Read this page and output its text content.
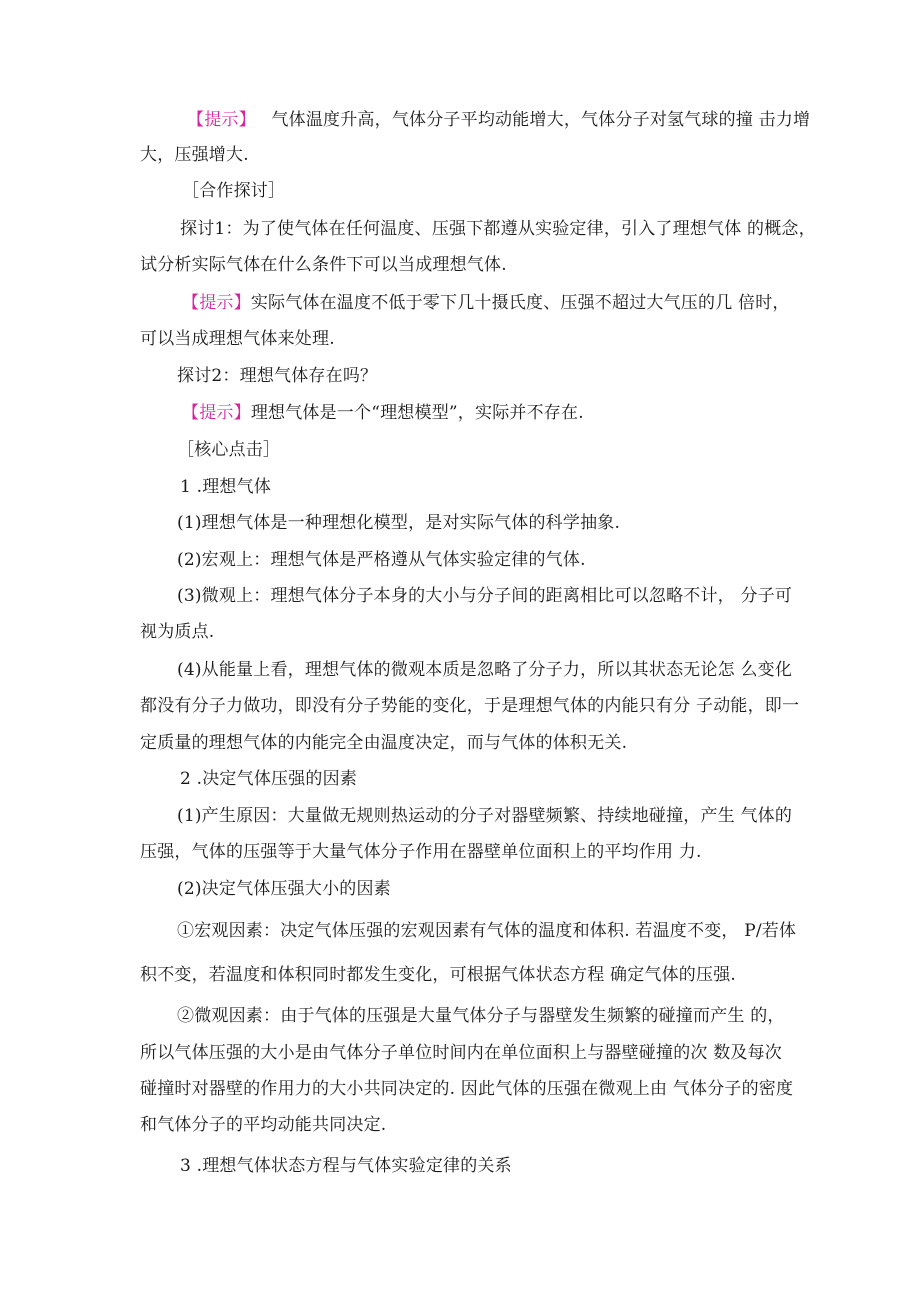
【提示】 气体温度升高，气体分子平均动能增大，气体分子对氢气球的撞 击力增
大，压强增大.
［合作探讨］
探讨1：为了使气体在任何温度、压强下都遵从实验定律，引入了理想气体 的概念，
试分析实际气体在什么条件下可以当成理想气体.
【提示】实际气体在温度不低于零下几十摄氏度、压强不超过大气压的几 倍时，
可以当成理想气体来处理.
探讨2：理想气体存在吗？
【提示】理想气体是一个“理想模型”，实际并不存在.
［核心点击］
1 .理想气体
(1)理想气体是一种理想化模型，是对实际气体的科学抽象.
(2)宏观上：理想气体是严格遵从气体实验定律的气体.
(3)微观上：理想气体分子本身的大小与分子间的距离相比可以忽略不计， 分子可
视为质点.
(4)从能量上看，理想气体的微观本质是忽略了分子力，所以其状态无论怎 么变化
都没有分子力做功，即没有分子势能的变化，于是理想气体的内能只有分 子动能，即一
定质量的理想气体的内能完全由温度决定，而与气体的体积无关.
2 .决定气体压强的因素
(1)产生原因：大量做无规则热运动的分子对器壁频繁、持续地碰撞，产生 气体的
压强，气体的压强等于大量气体分子作用在器壁单位面积上的平均作用 力.
(2)决定气体压强大小的因素
①宏观因素：决定气体压强的宏观因素有气体的温度和体积. 若温度不变， P/若体
积不变，若温度和体积同时都发生变化，可根据气体状态方程 确定气体的压强.
②微观因素：由于气体的压强是大量气体分子与器壁发生频繁的碰撞而产生 的，
所以气体压强的大小是由气体分子单位时间内在单位面积上与器壁碰撞的次 数及每次
碰撞时对器壁的作用力的大小共同决定的. 因此气体的压强在微观上由 气体分子的密度
和气体分子的平均动能共同决定.
3 .理想气体状态方程与气体实验定律的关系
